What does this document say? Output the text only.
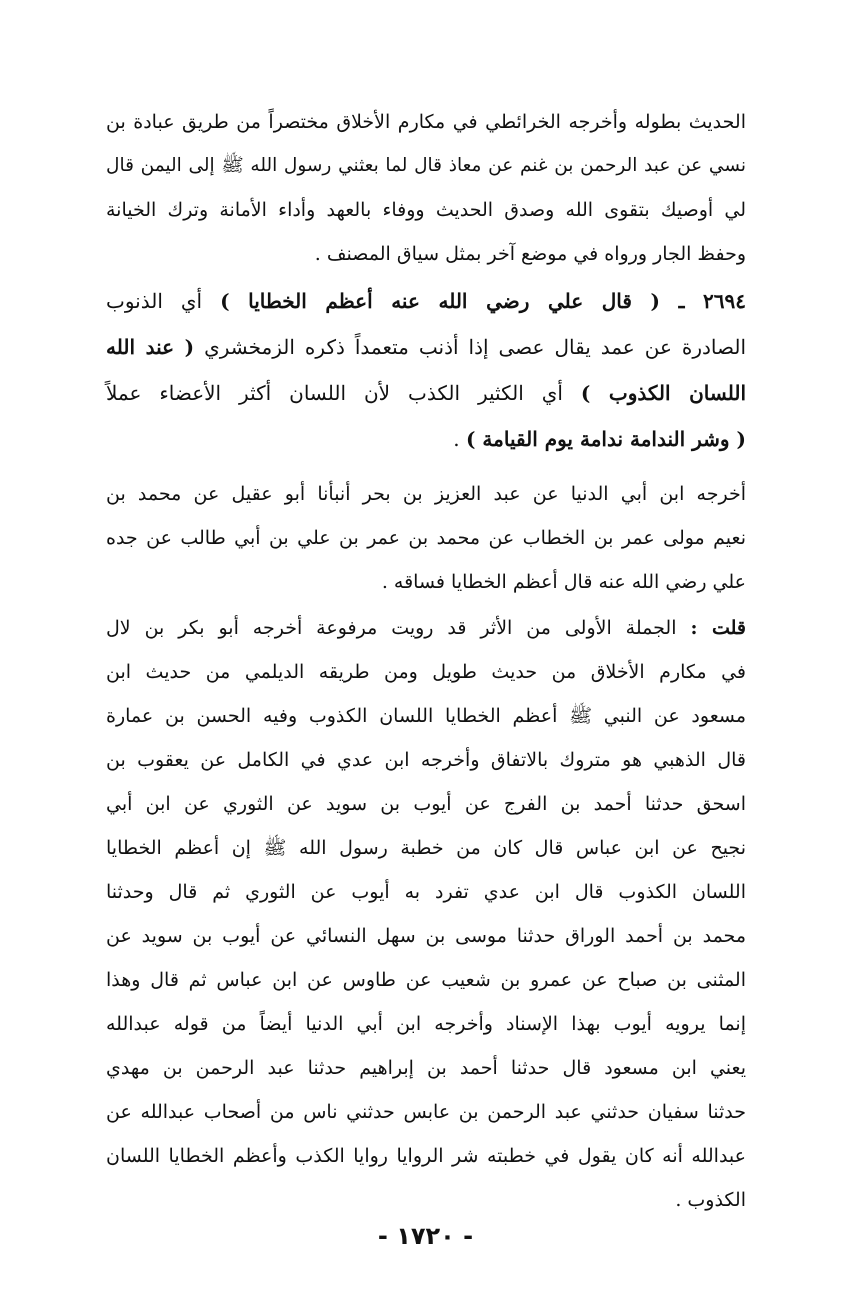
الحديث بطوله وأخرجه الخرائطي في مكارم الأخلاق مختصراً من طريق عبادة بن
نسي عن عبد الرحمن بن غنم عن معاذ قال لما بعثني رسول الله ﷺ إلى اليمن قال
لي أوصيك بتقوى الله وصدق الحديث ووفاء بالعهد وأداء الأمانة وترك الخيانة
وحفظ الجار ورواه في موضع آخر بمثل سياق المصنف .
٢٦٩٤ ـ ( قال علي رضي الله عنه أعظم الخطايا ) أي الذنوب
الصادرة عن عمد يقال عصى إذا أذنب متعمداً ذكره الزمخشري ( عند الله
اللسان الكذوب ) أي الكثير الكذب لأن اللسان أكثر الأعضاء عملاً
( وشر الندامة ندامة يوم القيامة ) .
أخرجه ابن أبي الدنيا عن عبد العزيز بن بحر أنبأنا أبو عقيل عن محمد بن
نعيم مولى عمر بن الخطاب عن محمد بن عمر بن علي بن أبي طالب عن جده
علي رضي الله عنه قال أعظم الخطايا فساقه .
قلت : الجملة الأولى من الأثر قد رويت مرفوعة أخرجه أبو بكر بن لال
في مكارم الأخلاق من حديث طويل ومن طريقه الديلمي من حديث ابن
مسعود عن النبي ﷺ أعظم الخطايا اللسان الكذوب وفيه الحسن بن عمارة
قال الذهبي هو متروك بالاتفاق وأخرجه ابن عدي في الكامل عن يعقوب بن
اسحق حدثنا أحمد بن الفرج عن أيوب بن سويد عن الثوري عن ابن أبي
نجيح عن ابن عباس قال كان من خطبة رسول الله ﷺ إن أعظم الخطايا
اللسان الكذوب قال ابن عدي تفرد به أيوب عن الثوري ثم قال وحدثنا
محمد بن أحمد الوراق حدثنا موسى بن سهل النسائي عن أيوب بن سويد عن
المثنى بن صباح عن عمرو بن شعيب عن طاوس عن ابن عباس ثم قال وهذا
إنما يرويه أيوب بهذا الإسناد وأخرجه ابن أبي الدنيا أيضاً من قوله عبدالله
يعني ابن مسعود قال حدثنا أحمد بن إبراهيم حدثنا عبد الرحمن بن مهدي
حدثنا سفيان حدثني عبد الرحمن بن عابس حدثني ناس من أصحاب عبدالله عن
عبدالله أنه كان يقول في خطبته شر الروايا روايا الكذب وأعظم الخطايا اللسان
الكذوب .
- ١٧٢٠ -
